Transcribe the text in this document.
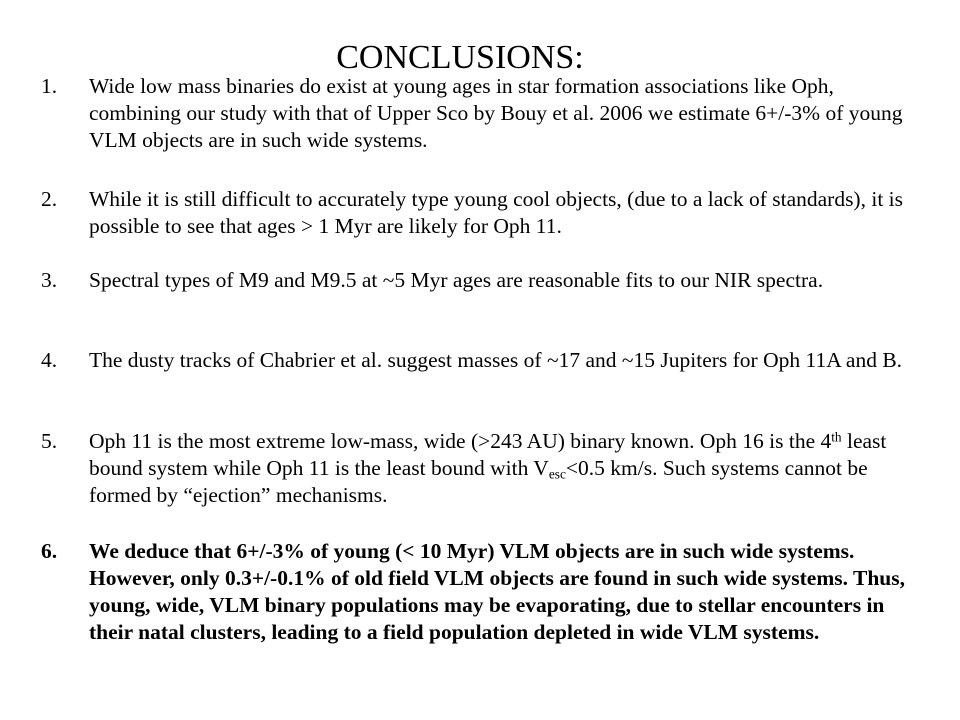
CONCLUSIONS:
1.	Wide low mass binaries do exist at young ages in star formation associations like Oph, combining our study with that of Upper Sco by Bouy et al. 2006 we estimate 6+/-3% of young VLM objects are in such wide systems.
2.	While it is still difficult to accurately type young cool objects, (due to a lack of standards), it is possible to see that ages > 1 Myr are likely for Oph 11.
3.	Spectral types of M9 and M9.5 at ~5 Myr ages are reasonable fits to our NIR spectra.
4.	The dusty tracks of Chabrier et al. suggest masses of ~17 and ~15 Jupiters for Oph 11A and B.
5.	Oph 11 is the most extreme low-mass, wide (>243 AU) binary known. Oph 16 is the 4th least bound system while Oph 11 is the least bound with $V_{esc}<0.5$ km/s. Such systems cannot be formed by “ejection” mechanisms.
6.	We deduce that 6+/-3% of young (< 10 Myr) VLM objects are in such wide systems. However, only 0.3+/-0.1% of old field VLM objects are found in such wide systems. Thus, young, wide, VLM binary populations may be evaporating, due to stellar encounters in their natal clusters, leading to a field population depleted in wide VLM systems.
